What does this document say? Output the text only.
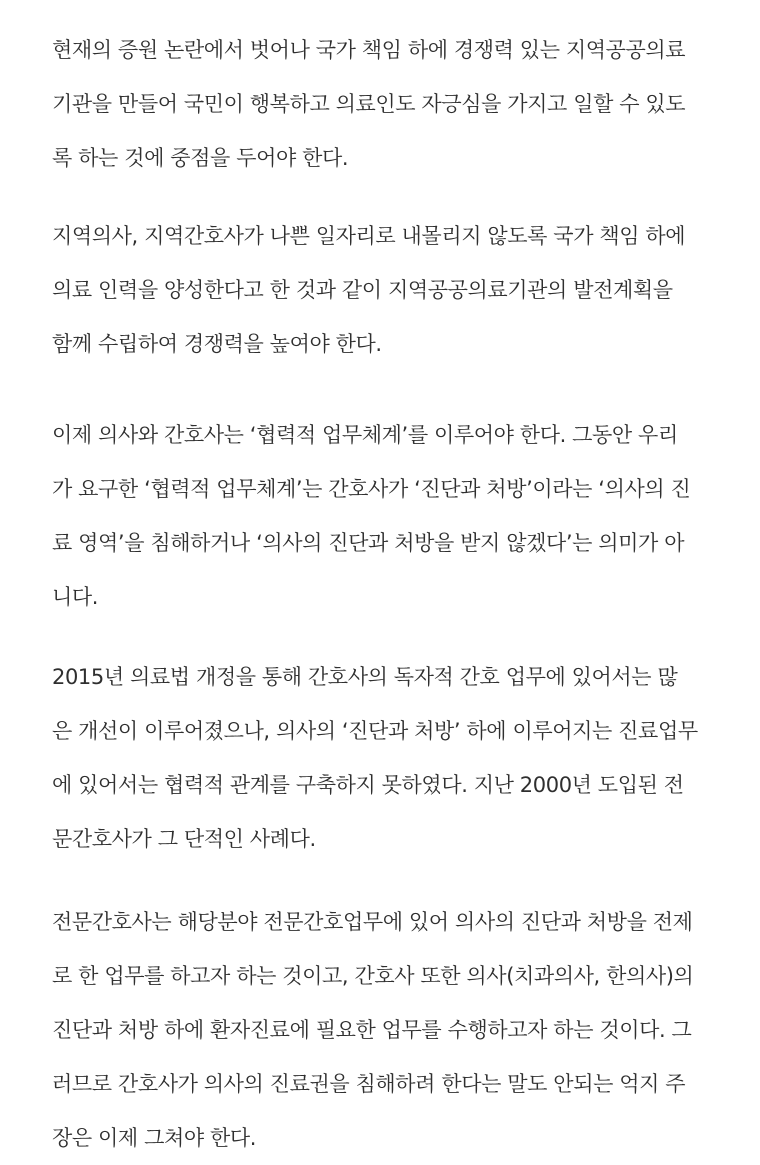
현재의 증원 논란에서 벗어나 국가 책임 하에 경쟁력 있는 지역공공의료
기관을 만들어 국민이 행복하고 의료인도 자긍심을 가지고 일할 수 있도
록 하는 것에 중점을 두어야 한다.

지역의사, 지역간호사가 나쁜 일자리로 내몰리지 않도록 국가 책임 하에
의료 인력을 양성한다고 한 것과 같이 지역공공의료기관의 발전계획을
함께 수립하여 경쟁력을 높여야 한다.

이제 의사와 간호사는 ‘협력적 업무체계’를 이루어야 한다. 그동안 우리
가 요구한 ‘협력적 업무체계’는 간호사가 ‘진단과 처방’이라는 ‘의사의 진
료 영역’을 침해하거나 ‘의사의 진단과 처방을 받지 않겠다’는 의미가 아
니다.

2015년 의료법 개정을 통해 간호사의 독자적 간호 업무에 있어서는 많
은 개선이 이루어졌으나, 의사의 ‘진단과 처방’ 하에 이루어지는 진료업무
에 있어서는 협력적 관계를 구축하지 못하였다. 지난 2000년 도입된 전
문간호사가 그 단적인 사례다.

전문간호사는 해당분야 전문간호업무에 있어 의사의 진단과 처방을 전제
로 한 업무를 하고자 하는 것이고, 간호사 또한 의사(치과의사, 한의사)의
진단과 처방 하에 환자진료에 필요한 업무를 수행하고자 하는 것이다. 그
러므로 간호사가 의사의 진료권을 침해하려 한다는 말도 안되는 억지 주
장은 이제 그쳐야 한다.
